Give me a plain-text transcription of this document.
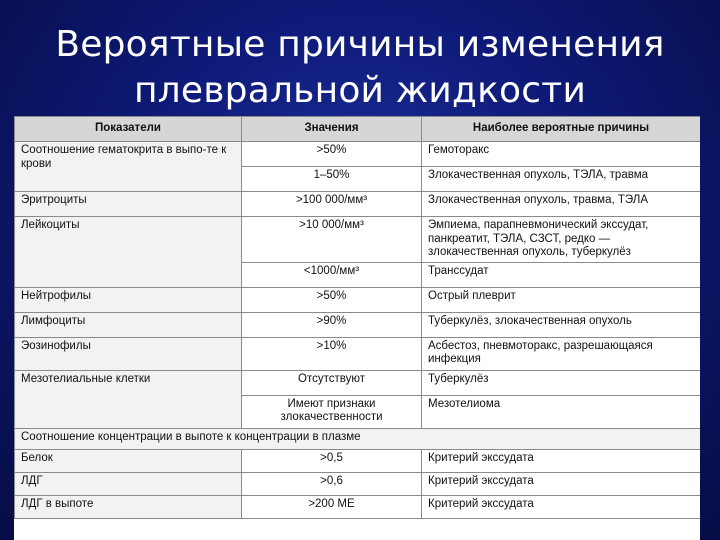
Вероятные причины изменения
плевральной жидкости
Показатели	Значения	Наиболее вероятные причины
Соотношение гематокрита в выпо-те к крови	>50%	Гемоторакс
	1–50%	Злокачественная опухоль, ТЭЛА, травма
Эритроциты	>100 000/мм³	Злокачественная опухоль, травма, ТЭЛА
Лейкоциты	>10 000/мм³	Эмпиема, парапневмонический экссудат, панкреатит, ТЭЛА, СЗСТ, редко — злокачественная опухоль, туберкулёз
	<1000/мм³	Транссудат
Нейтрофилы	>50%	Острый плеврит
Лимфоциты	>90%	Туберкулёз, злокачественная опухоль
Эозинофилы	>10%	Асбестоз, пневмоторакс, разрешающаяся инфекция
Мезотелиальные клетки	Отсутствуют	Туберкулёз
	Имеют признаки злокачественности	Мезотелиома
Соотношение концентрации в выпоте к концентрации в плазме		
Белок	>0,5	Критерий экссудата
ЛДГ	>0,6	Критерий экссудата
ЛДГ в выпоте	>200 МЕ	Критерий экссудата
